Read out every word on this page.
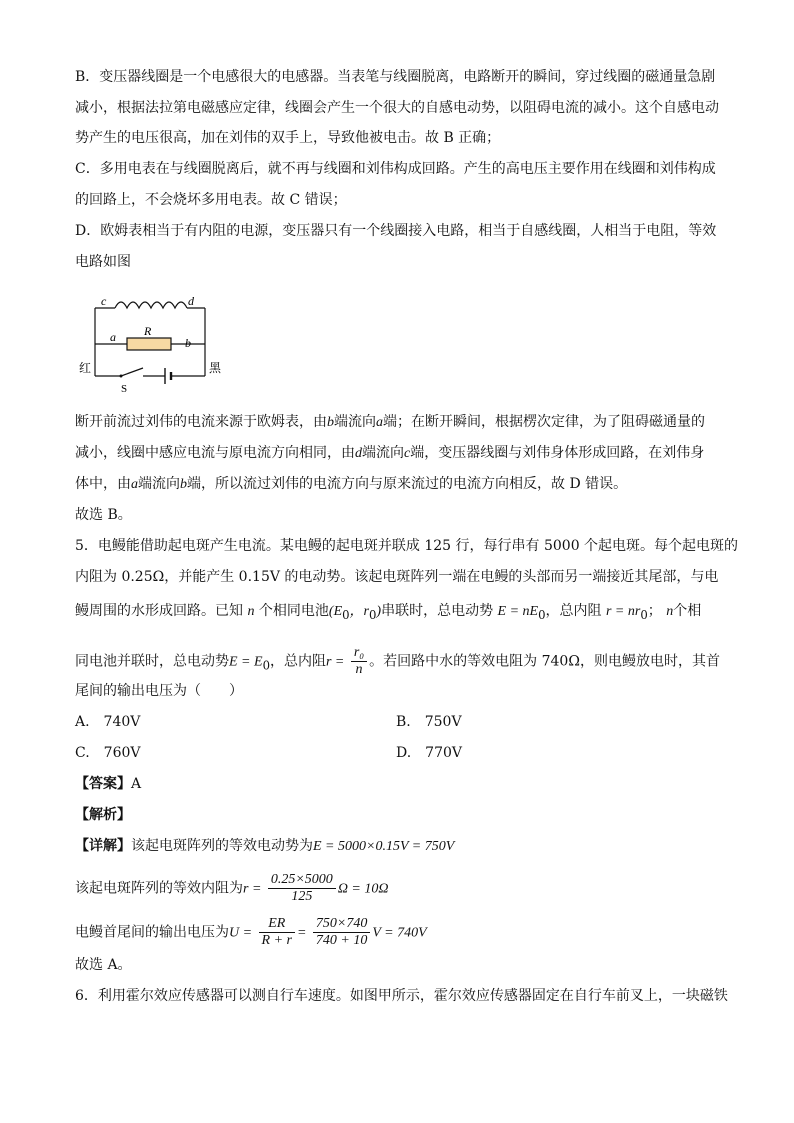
B．变压器线圈是一个电感很大的电感器。当表笔与线圈脱离，电路断开的瞬间，穿过线圈的磁通量急剧
减小，根据法拉第电磁感应定律，线圈会产生一个很大的自感电动势，以阻碍电流的减小。这个自感电动
势产生的电压很高，加在刘伟的双手上，导致他被电击。故 B 正确；
C．多用电表在与线圈脱离后，就不再与线圈和刘伟构成回路。产生的高电压主要作用在线圈和刘伟构成
的回路上，不会烧坏多用电表。故 C 错误；
D．欧姆表相当于有内阻的电源，变压器只有一个线圈接入电路，相当于自感线圈，人相当于电阻，等效
电路如图
c	d
a R
b
红	黑
S
断开前流过刘伟的电流来源于欧姆表，由b端流向a端；在断开瞬间，根据楞次定律，为了阻碍磁通量的
减小，线圈中感应电流与原电流方向相同，由d端流向c端，变压器线圈与刘伟身体形成回路，在刘伟身
体中，由a端流向b端，所以流过刘伟的电流方向与原来流过的电流方向相反，故 D 错误。
故选 B。
5．电鳗能借助起电斑产生电流。某电鳗的起电斑并联成 125 行，每行串有 5000 个起电斑。每个起电斑的
内阻为 0.25Ω，并能产生 0.15V 的电动势。该起电斑阵列一端在电鳗的头部而另一端接近其尾部，与电
鳗周围的水形成回路。已知 n 个相同电池($E_0$，$r_0$)串联时，总电动势 $E = nE_0$，总内阻 $r = nr_0$； n个相
同电池并联时，总电动势$E = E_0$，总内阻$r = \frac{\text{r₀}}{n}$ 。若回路中水的等效电阻为 740Ω，则电鳗放电时，其首
尾间的输出电压为（　　）
A.　740V	B.　750V
C.　760V	D.　770V
【答案】A
【解析】
【详解】该起电斑阵列的等效电动势为E = 5000×0.15V = 750V
该起电斑阵列的等效内阻为$r = \frac{0.25\times 5000}{125}$ Ω = 10Ω
电鳗首尾间的输出电压为$U = \frac{ER}{R + r} = \frac{750\times 740}{740 + 10}$ V = 740V
故选 A。
6．利用霍尔效应传感器可以测自行车速度。如图甲所示，霍尔效应传感器固定在自行车前叉上，一块磁铁
